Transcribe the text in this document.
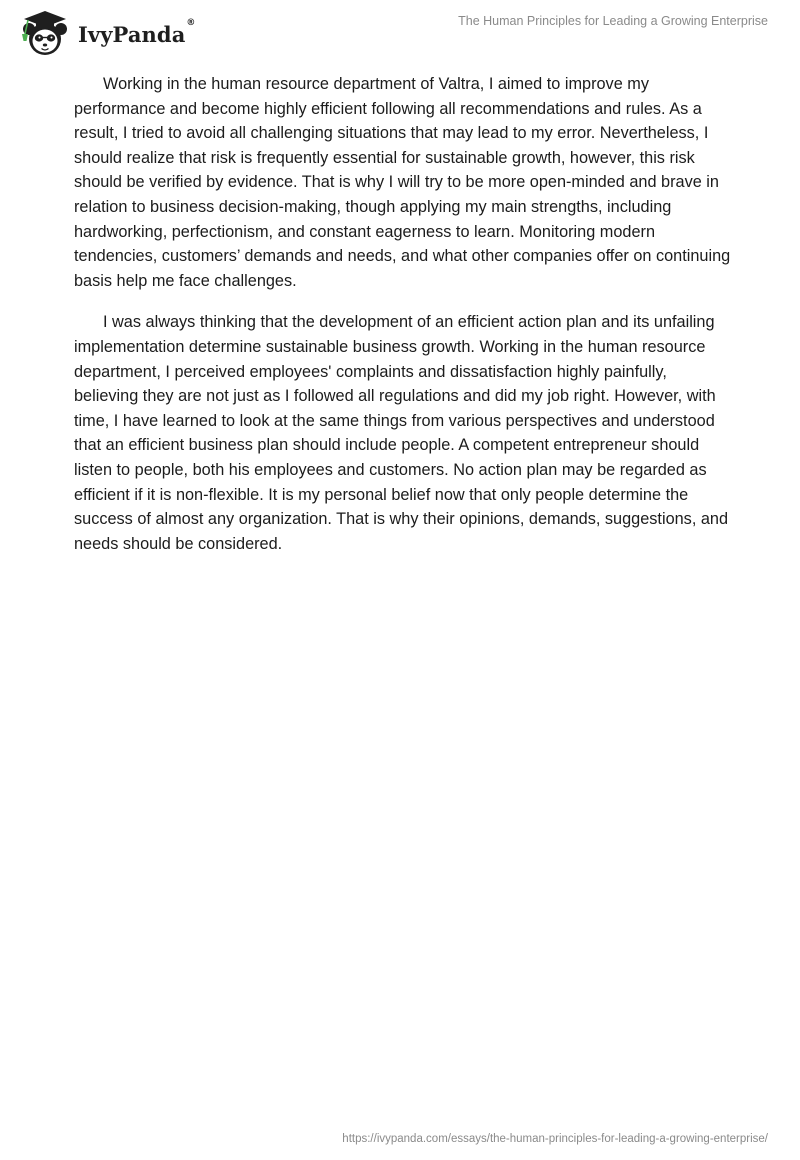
IvyPanda®	The Human Principles for Leading a Growing Enterprise

Working in the human resource department of Valtra, I aimed to improve my performance and become highly efficient following all recommendations and rules. As a result, I tried to avoid all challenging situations that may lead to my error. Nevertheless, I should realize that risk is frequently essential for sustainable growth, however, this risk should be verified by evidence. That is why I will try to be more open-minded and brave in relation to business decision-making, though applying my main strengths, including hardworking, perfectionism, and constant eagerness to learn. Monitoring modern tendencies, customers’ demands and needs, and what other companies offer on continuing basis help me face challenges.

I was always thinking that the development of an efficient action plan and its unfailing implementation determine sustainable business growth. Working in the human resource department, I perceived employees' complaints and dissatisfaction highly painfully, believing they are not just as I followed all regulations and did my job right. However, with time, I have learned to look at the same things from various perspectives and understood that an efficient business plan should include people. A competent entrepreneur should listen to people, both his employees and customers. No action plan may be regarded as efficient if it is non-flexible. It is my personal belief now that only people determine the success of almost any organization. That is why their opinions, demands, suggestions, and needs should be considered.

https://ivypanda.com/essays/the-human-principles-for-leading-a-growing-enterprise/
